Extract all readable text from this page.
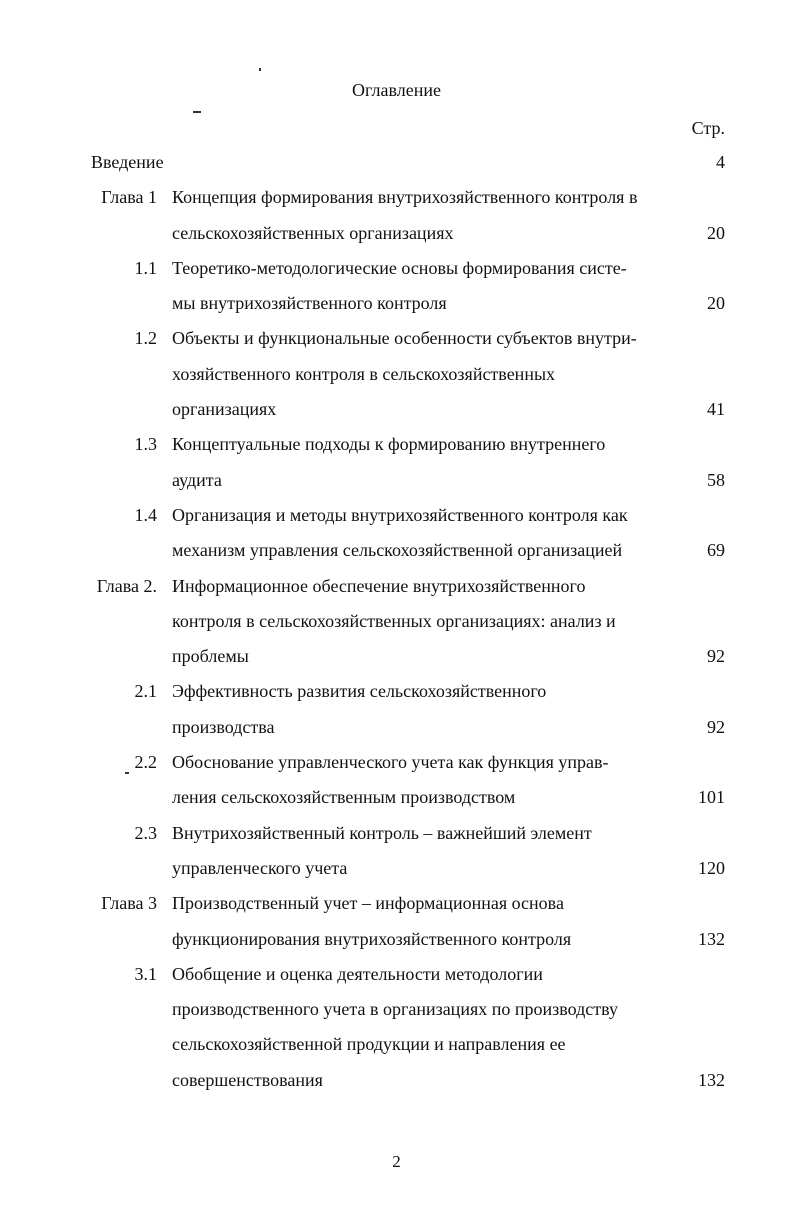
Оглавление
Стр.
Введение	4
Глава 1 Концепция формирования внутрихозяйственного контроля в
сельскохозяйственных организациях	20
1.1 Теоретико-методологические основы формирования систе-
мы внутрихозяйственного контроля	20
1.2 Объекты и функциональные особенности субъектов внутри-
хозяйственного контроля в сельскохозяйственных
организациях	41
1.3 Концептуальные подходы к формированию внутреннего
аудита	58
1.4 Организация и методы внутрихозяйственного контроля как
механизм управления сельскохозяйственной организацией	69
Глава 2. Информационное обеспечение внутрихозяйственного
контроля в сельскохозяйственных организациях: анализ и
проблемы	92
2.1 Эффективность развития сельскохозяйственного
производства	92
2.2 Обоснование управленческого учета как функция управ-
ления сельскохозяйственным производством	101
2.3 Внутрихозяйственный контроль – важнейший элемент
управленческого учета	120
Глава 3 Производственный учет – информационная основа
функционирования внутрихозяйственного контроля	132
3.1 Обобщение и оценка деятельности методологии
производственного учета в организациях по производству
сельскохозяйственной продукции и направления ее
совершенствования	132
2
